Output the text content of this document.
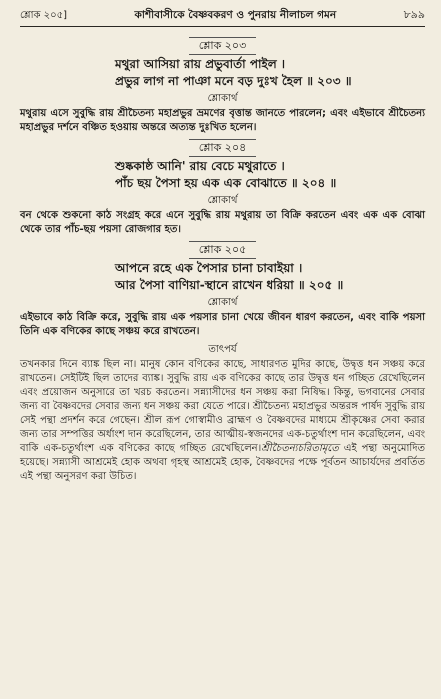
শ্লোক ২০৫]	কাশীবাসীকে বৈষ্ণবকরণ ও পুনরায় নীলাচল গমন	৮৯৯
শ্লোক ২০৩
মথুরা আসিয়া রায় প্রভুবার্তা পাইল ।
প্রভুর লাগ না পাঞা মনে বড় দুঃখ হৈল ॥ ২০৩ ॥
শ্লোকার্থ

মথুরায় এসে সুবুদ্ধি রায় শ্রীচৈতন্য মহাপ্রভুর ভ্রমণের বৃত্তান্ত জানতে পারলেন; এবং এইভাবে শ্রীচৈতন্য মহাপ্রভুর দর্শনে বঞ্চিত হওয়ায় অন্তরে অত্যন্ত দুঃখিত হলেন।

শ্লোক ২০৪
শুষ্ককাষ্ঠ আনি' রায় বেচে মথুরাতে ।
পাঁচ ছয় পৈসা হয় এক এক বোঝাতে ॥ ২০৪ ॥
শ্লোকার্থ

বন থেকে শুকনো কাঠ সংগ্রহ করে এনে সুবুদ্ধি রায় মথুরায় তা বিক্রি করতেন এবং এক এক বোঝা থেকে তার পাঁচ-ছয় পয়সা রোজগার হত।

শ্লোক ২০৫
আপনে রহে এক পৈসার চানা চাবাইয়া ।
আর পৈসা বাণিয়া-স্থানে রাখেন ধরিয়া ॥ ২০৫ ॥
শ্লোকার্থ

এইভাবে কাঠ বিক্রি করে, সুবুদ্ধি রায় এক পয়সার চানা খেয়ে জীবন ধারণ করতেন, এবং বাকি পয়সা তিনি এক বণিকের কাছে সঞ্চয় করে রাখতেন।

তাৎপর্য

তখনকার দিনে ব্যাঙ্ক ছিল না। মানুষ কোন বণিকের কাছে, সাধারণত মুদির কাছে, উদ্বৃত্ত ধন সঞ্চয় করে রাখতেন। সেইটিই ছিল তাদের ব্যাঙ্ক। সুবুদ্ধি রায় এক বণিকের কাছে তার উদ্বৃত্ত ধন গচ্ছিত রেখেছিলেন এবং প্রয়োজন অনুসারে তা খরচ করতেন। সন্ন্যাসীদের ধন সঞ্চয় করা নিষিদ্ধ। কিন্তু, ভগবানের সেবার জন্য বা বৈষ্ণবদের সেবার জন্য ধন সঞ্চয় করা যেতে পারে। শ্রীচৈতন্য মহাপ্রভুর অন্তরঙ্গ পার্ষদ সুবুদ্ধি রায় সেই পন্থা প্রদর্শন করে গেছেন। শ্রীল রূপ গোস্বামীও ব্রাহ্মণ ও বৈষ্ণবদের মাধ্যমে শ্রীকৃষ্ণের সেবা করার জন্য তার সম্পত্তির অর্ধাংশ দান করেছিলেন, তার আত্মীয়-স্বজনদের এক-চতুর্থাংশ দান করেছিলেন, এবং বাকি এক-চতুর্থাংশ এক বণিকের কাছে গচ্ছিত রেখেছিলেন।শ্রীচৈতন্যচরিতামৃতে এই পন্থা অনুমোদিত হয়েছে। সন্ন্যাসী আশ্রমেই হোক অথবা গৃহস্থ আশ্রমেই হোক, বৈষ্ণবদের পক্ষে পূর্বতন আচার্যদের প্রবর্তিত এই পন্থা অনুসরণ করা উচিত।
